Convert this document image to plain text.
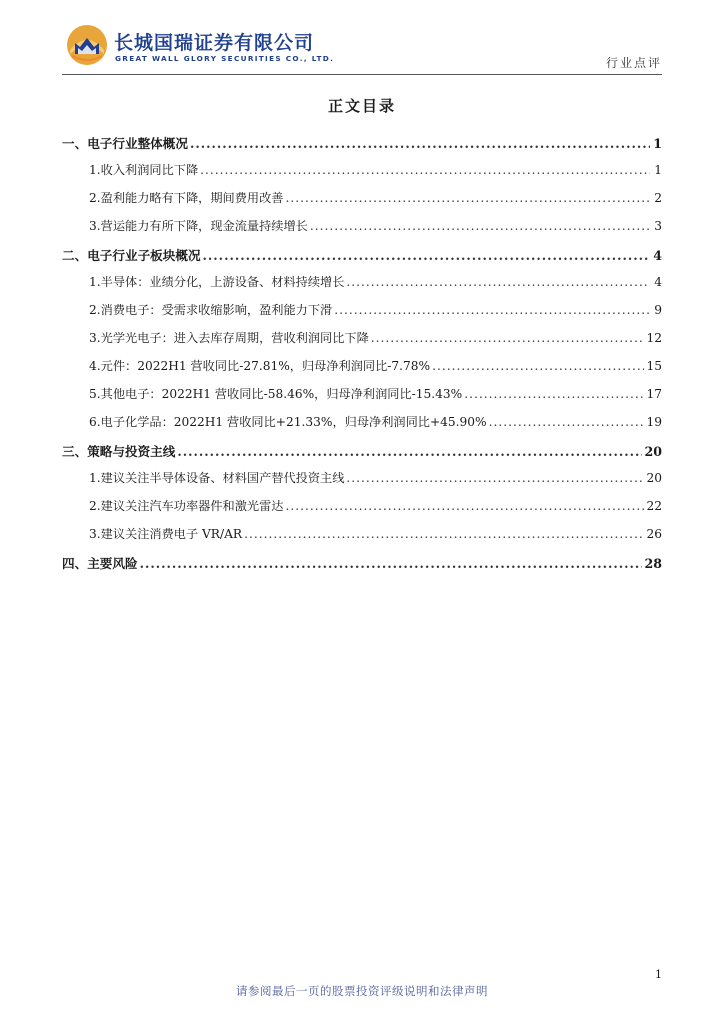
长城国瑞证券有限公司
GREAT WALL GLORY SECURITIES CO., LTD.	行业点评
正文目录
一、电子行业整体概况 .....	1
1.收入利润同比下降 .....	1
2.盈利能力略有下降，期间费用改善 .....	2
3.营运能力有所下降，现金流量持续增长 .....	3
二、电子行业子板块概况 .....	4
1.半导体：业绩分化，上游设备、材料持续增长 .....	4
2.消费电子：受需求收缩影响，盈利能力下滑 .....	9
3.光学光电子：进入去库存周期，营收利润同比下降 .....	12
4.元件：2022H1 营收同比-27.81%，归母净利润同比-7.78% .....	15
5.其他电子：2022H1 营收同比-58.46%，归母净利润同比-15.43% .....	17
6.电子化学品：2022H1 营收同比+21.33%，归母净利润同比+45.90% .....	19
三、策略与投资主线 .....	20
1.建议关注半导体设备、材料国产替代投资主线 .....	20
2.建议关注汽车功率器件和激光雷达 .....	22
3.建议关注消费电子 VR/AR .....	26
四、主要风险 .....	28
1
请参阅最后一页的股票投资评级说明和法律声明
